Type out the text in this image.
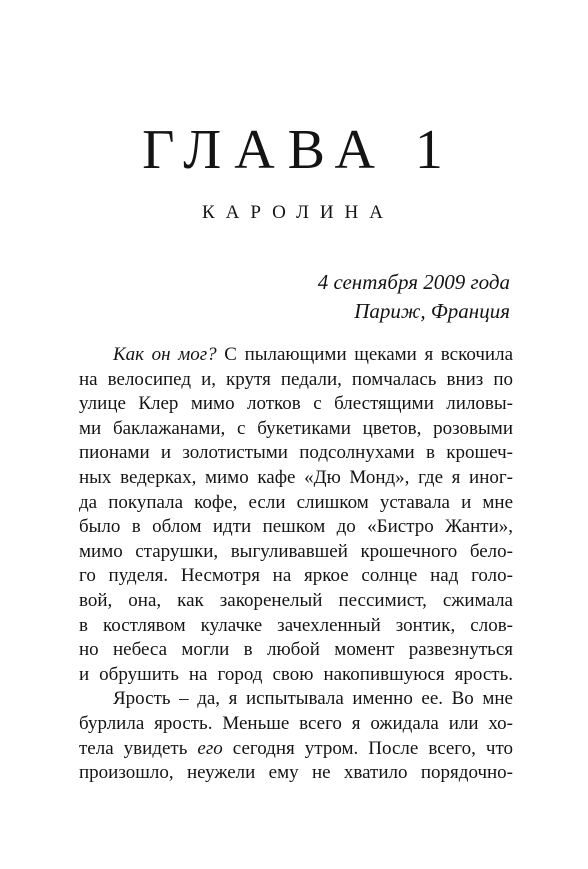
ГЛАВА 1
КАРОЛИНА
4 сентября 2009 года
Париж, Франция
Как он мог? С пылающими щеками я вскочила
на велосипед и, крутя педали, помчалась вниз по
улице Клер мимо лотков с блестящими лиловы-
ми баклажанами, с букетиками цветов, розовыми
пионами и золотистыми подсолнухами в крошеч-
ных ведерках, мимо кафе «Дю Монд», где я иног-
да покупала кофе, если слишком уставала и мне
было в облом идти пешком до «Бистро Жанти»,
мимо старушки, выгуливавшей крошечного бело-
го пуделя. Несмотря на яркое солнце над голо-
вой, она, как закоренелый пессимист, сжимала
в костлявом кулачке зачехленный зонтик, слов-
но небеса могли в любой момент развезнуться
и обрушить на город свою накопившуюся ярость.
Ярость – да, я испытывала именно ее. Во мне
бурлила ярость. Меньше всего я ожидала или хо-
тела увидеть его сегодня утром. После всего, что
произошло, неужели ему не хватило порядочно-
